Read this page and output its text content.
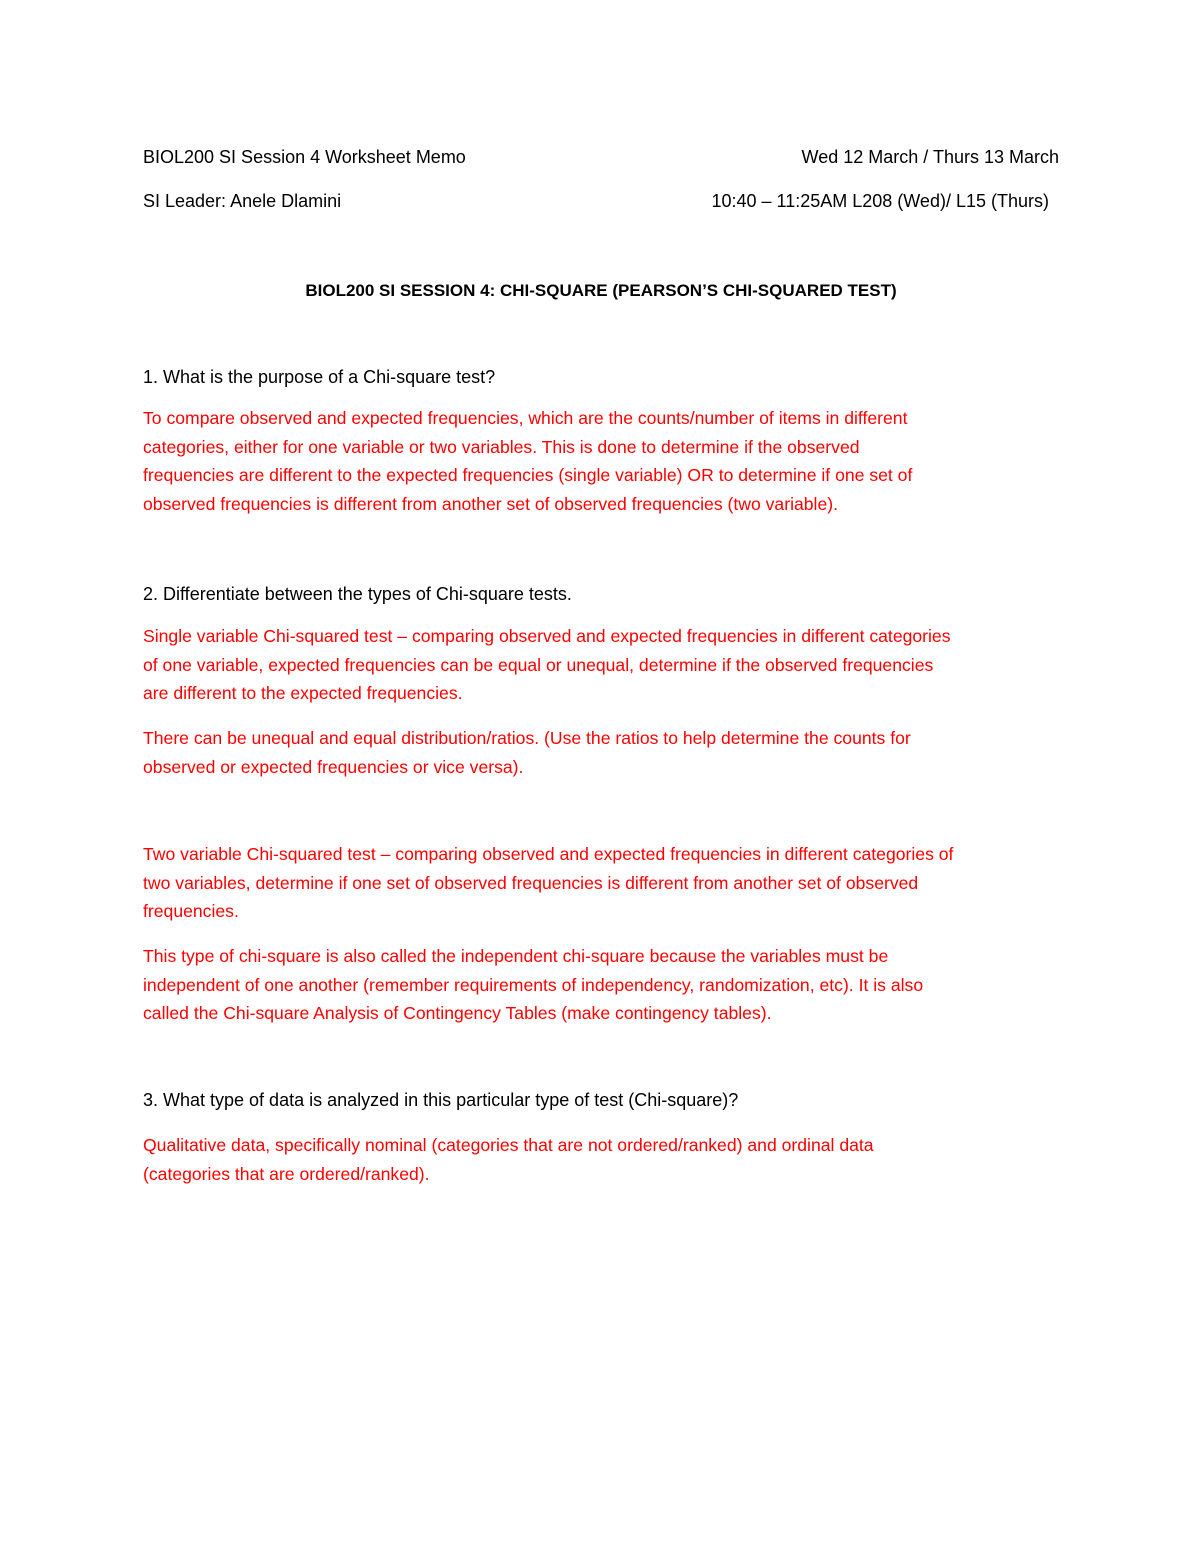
BIOL200 SI Session 4 Worksheet Memo	Wed 12 March / Thurs 13 March
SI Leader: Anele Dlamini	10:40 – 11:25AM L208 (Wed)/ L15 (Thurs)
BIOL200 SI SESSION 4: CHI-SQUARE (PEARSON’S CHI-SQUARED TEST)
1. What is the purpose of a Chi-square test?
To compare observed and expected frequencies, which are the counts/number of items in different
categories, either for one variable or two variables. This is done to determine if the observed
frequencies are different to the expected frequencies (single variable) OR to determine if one set of
observed frequencies is different from another set of observed frequencies (two variable).
2. Differentiate between the types of Chi-square tests.
Single variable Chi-squared test – comparing observed and expected frequencies in different categories
of one variable, expected frequencies can be equal or unequal, determine if the observed frequencies
are different to the expected frequencies.
There can be unequal and equal distribution/ratios. (Use the ratios to help determine the counts for
observed or expected frequencies or vice versa).
Two variable Chi-squared test – comparing observed and expected frequencies in different categories of
two variables, determine if one set of observed frequencies is different from another set of observed
frequencies.
This type of chi-square is also called the independent chi-square because the variables must be
independent of one another (remember requirements of independency, randomization, etc). It is also
called the Chi-square Analysis of Contingency Tables (make contingency tables).
3. What type of data is analyzed in this particular type of test (Chi-square)?
Qualitative data, specifically nominal (categories that are not ordered/ranked) and ordinal data
(categories that are ordered/ranked).
